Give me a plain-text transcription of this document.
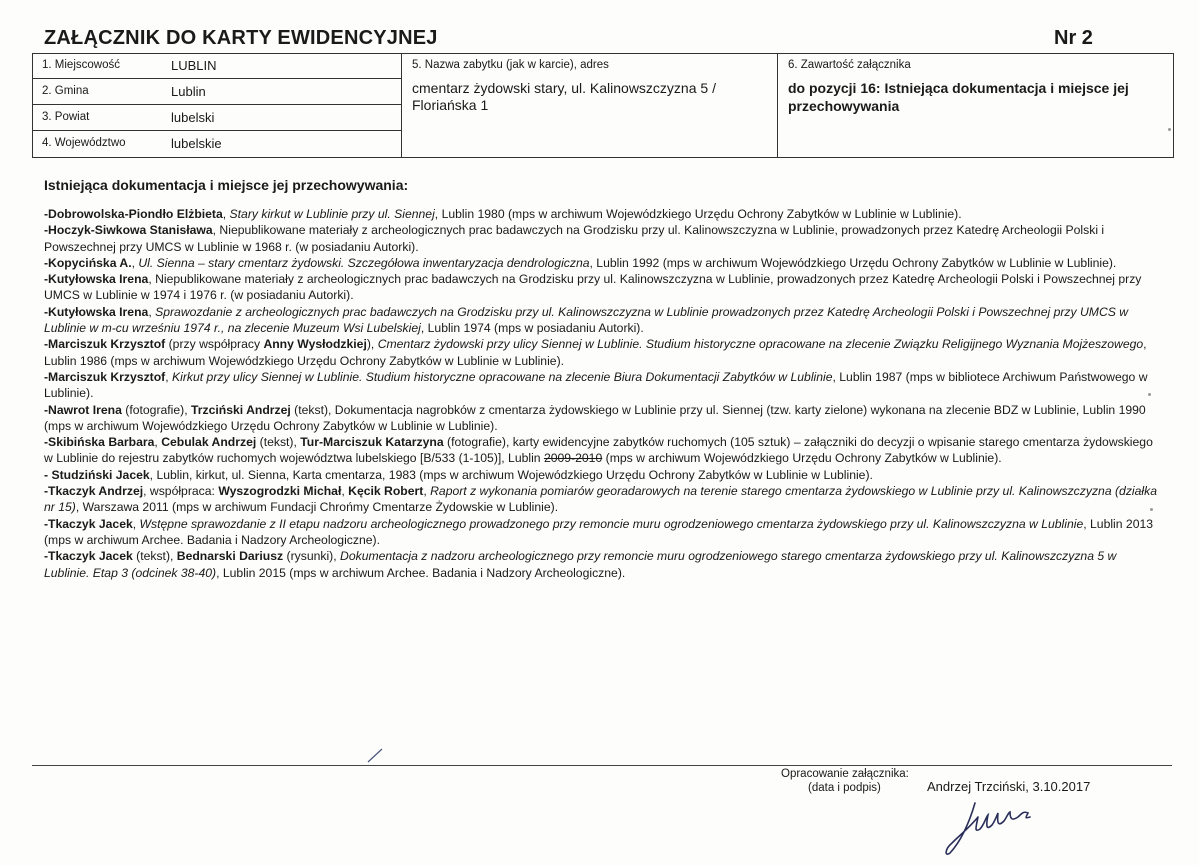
ZAŁĄCZNIK DO KARTY EWIDENCYJNEJ	Nr 2
1. Miejscowość	LUBLIN
2. Gmina	Lublin
3. Powiat	lubelski
4. Województwo	lubelskie
5. Nazwa zabytku (jak w karcie), adres
cmentarz żydowski stary, ul. Kalinowszczyzna 5 /
Floriańska 1
6. Zawartość załącznika
do pozycji 16: Istniejąca dokumentacja i miejsce jej
przechowywania
Istniejąca dokumentacja i miejsce jej przechowywania:

-Dobrowolska-Piondło Elżbieta, Stary kirkut w Lublinie przy ul. Siennej, Lublin 1980 (mps w archiwum Wojewódzkiego Urzędu Ochrony Zabytków w Lublinie w Lublinie).

-Hoczyk-Siwkowa Stanisława, Niepublikowane materiały z archeologicznych prac badawczych na Grodzisku przy ul. Kalinowszczyzna w Lublinie, prowadzonych przez Katedrę Archeologii Polski i Powszechnej przy UMCS w Lublinie w 1968 r. (w posiadaniu Autorki).

-Kopycińska A., Ul. Sienna – stary cmentarz żydowski. Szczegółowa inwentaryzacja dendrologiczna, Lublin 1992 (mps w archiwum Wojewódzkiego Urzędu Ochrony Zabytków w Lublinie w Lublinie).

-Kutyłowska Irena, Niepublikowane materiały z archeologicznych prac badawczych na Grodzisku przy ul. Kalinowszczyzna w Lublinie, prowadzonych przez Katedrę Archeologii Polski i Powszechnej przy UMCS w Lublinie w 1974 i 1976 r. (w posiadaniu Autorki).

-Kutyłowska Irena, Sprawozdanie z archeologicznych prac badawczych na Grodzisku przy ul. Kalinowszczyzna w Lublinie prowadzonych przez Katedrę Archeologii Polski i Powszechnej przy UMCS w Lublinie w m-cu wrześniu 1974 r., na zlecenie Muzeum Wsi Lubelskiej, Lublin 1974 (mps w posiadaniu Autorki).

-Marciszuk Krzysztof (przy współpracy Anny Wysłodzkiej), Cmentarz żydowski przy ulicy Siennej w Lublinie. Studium historyczne opracowane na zlecenie Związku Religijnego Wyznania Mojżeszowego, Lublin 1986 (mps w archiwum Wojewódzkiego Urzędu Ochrony Zabytków w Lublinie w Lublinie).

-Marciszuk Krzysztof, Kirkut przy ulicy Siennej w Lublinie. Studium historyczne opracowane na zlecenie Biura Dokumentacji Zabytków w Lublinie, Lublin 1987 (mps w bibliotece Archiwum Państwowego w Lublinie).

-Nawrot Irena (fotografie), Trzciński Andrzej (tekst), Dokumentacja nagrobków z cmentarza żydowskiego w Lublinie przy ul. Siennej (tzw. karty zielone) wykonana na zlecenie BDZ w Lublinie, Lublin 1990 (mps w archiwum Wojewódzkiego Urzędu Ochrony Zabytków w Lublinie w Lublinie).

-Skibińska Barbara, Cebulak Andrzej (tekst), Tur-Marciszuk Katarzyna (fotografie), karty ewidencyjne zabytków ruchomych (105 sztuk) – załączniki do decyzji o wpisanie starego cmentarza żydowskiego w Lublinie do rejestru zabytków ruchomych województwa lubelskiego [B/533 (1-105)], Lublin 2009-2010 (mps w archiwum Wojewódzkiego Urzędu Ochrony Zabytków w Lublinie).

- Studziński Jacek, Lublin, kirkut, ul. Sienna, Karta cmentarza, 1983 (mps w archiwum Wojewódzkiego Urzędu Ochrony Zabytków w Lublinie w Lublinie).

-Tkaczyk Andrzej, współpraca: Wyszogrodzki Michał, Kęcik Robert, Raport z wykonania pomiarów georadarowych na terenie starego cmentarza żydowskiego w Lublinie przy ul. Kalinowszczyzna (działka nr 15), Warszawa 2011 (mps w archiwum Fundacji Chrońmy Cmentarze Żydowskie w Lublinie).

-Tkaczyk Jacek, Wstępne sprawozdanie z II etapu nadzoru archeologicznego prowadzonego przy remoncie muru ogrodzeniowego cmentarza żydowskiego przy ul. Kalinowszczyzna w Lublinie, Lublin 2013 (mps w archiwum Archee. Badania i Nadzory Archeologiczne).

-Tkaczyk Jacek (tekst), Bednarski Dariusz (rysunki), Dokumentacja z nadzoru archeologicznego przy remoncie muru ogrodzeniowego starego cmentarza żydowskiego przy ul. Kalinowszczyzna 5 w Lublinie. Etap 3 (odcinek 38-40), Lublin 2015 (mps w archiwum Archee. Badania i Nadzory Archeologiczne).

Opracowanie załącznika:
(data i podpis)	Andrzej Trzciński, 3.10.2017
